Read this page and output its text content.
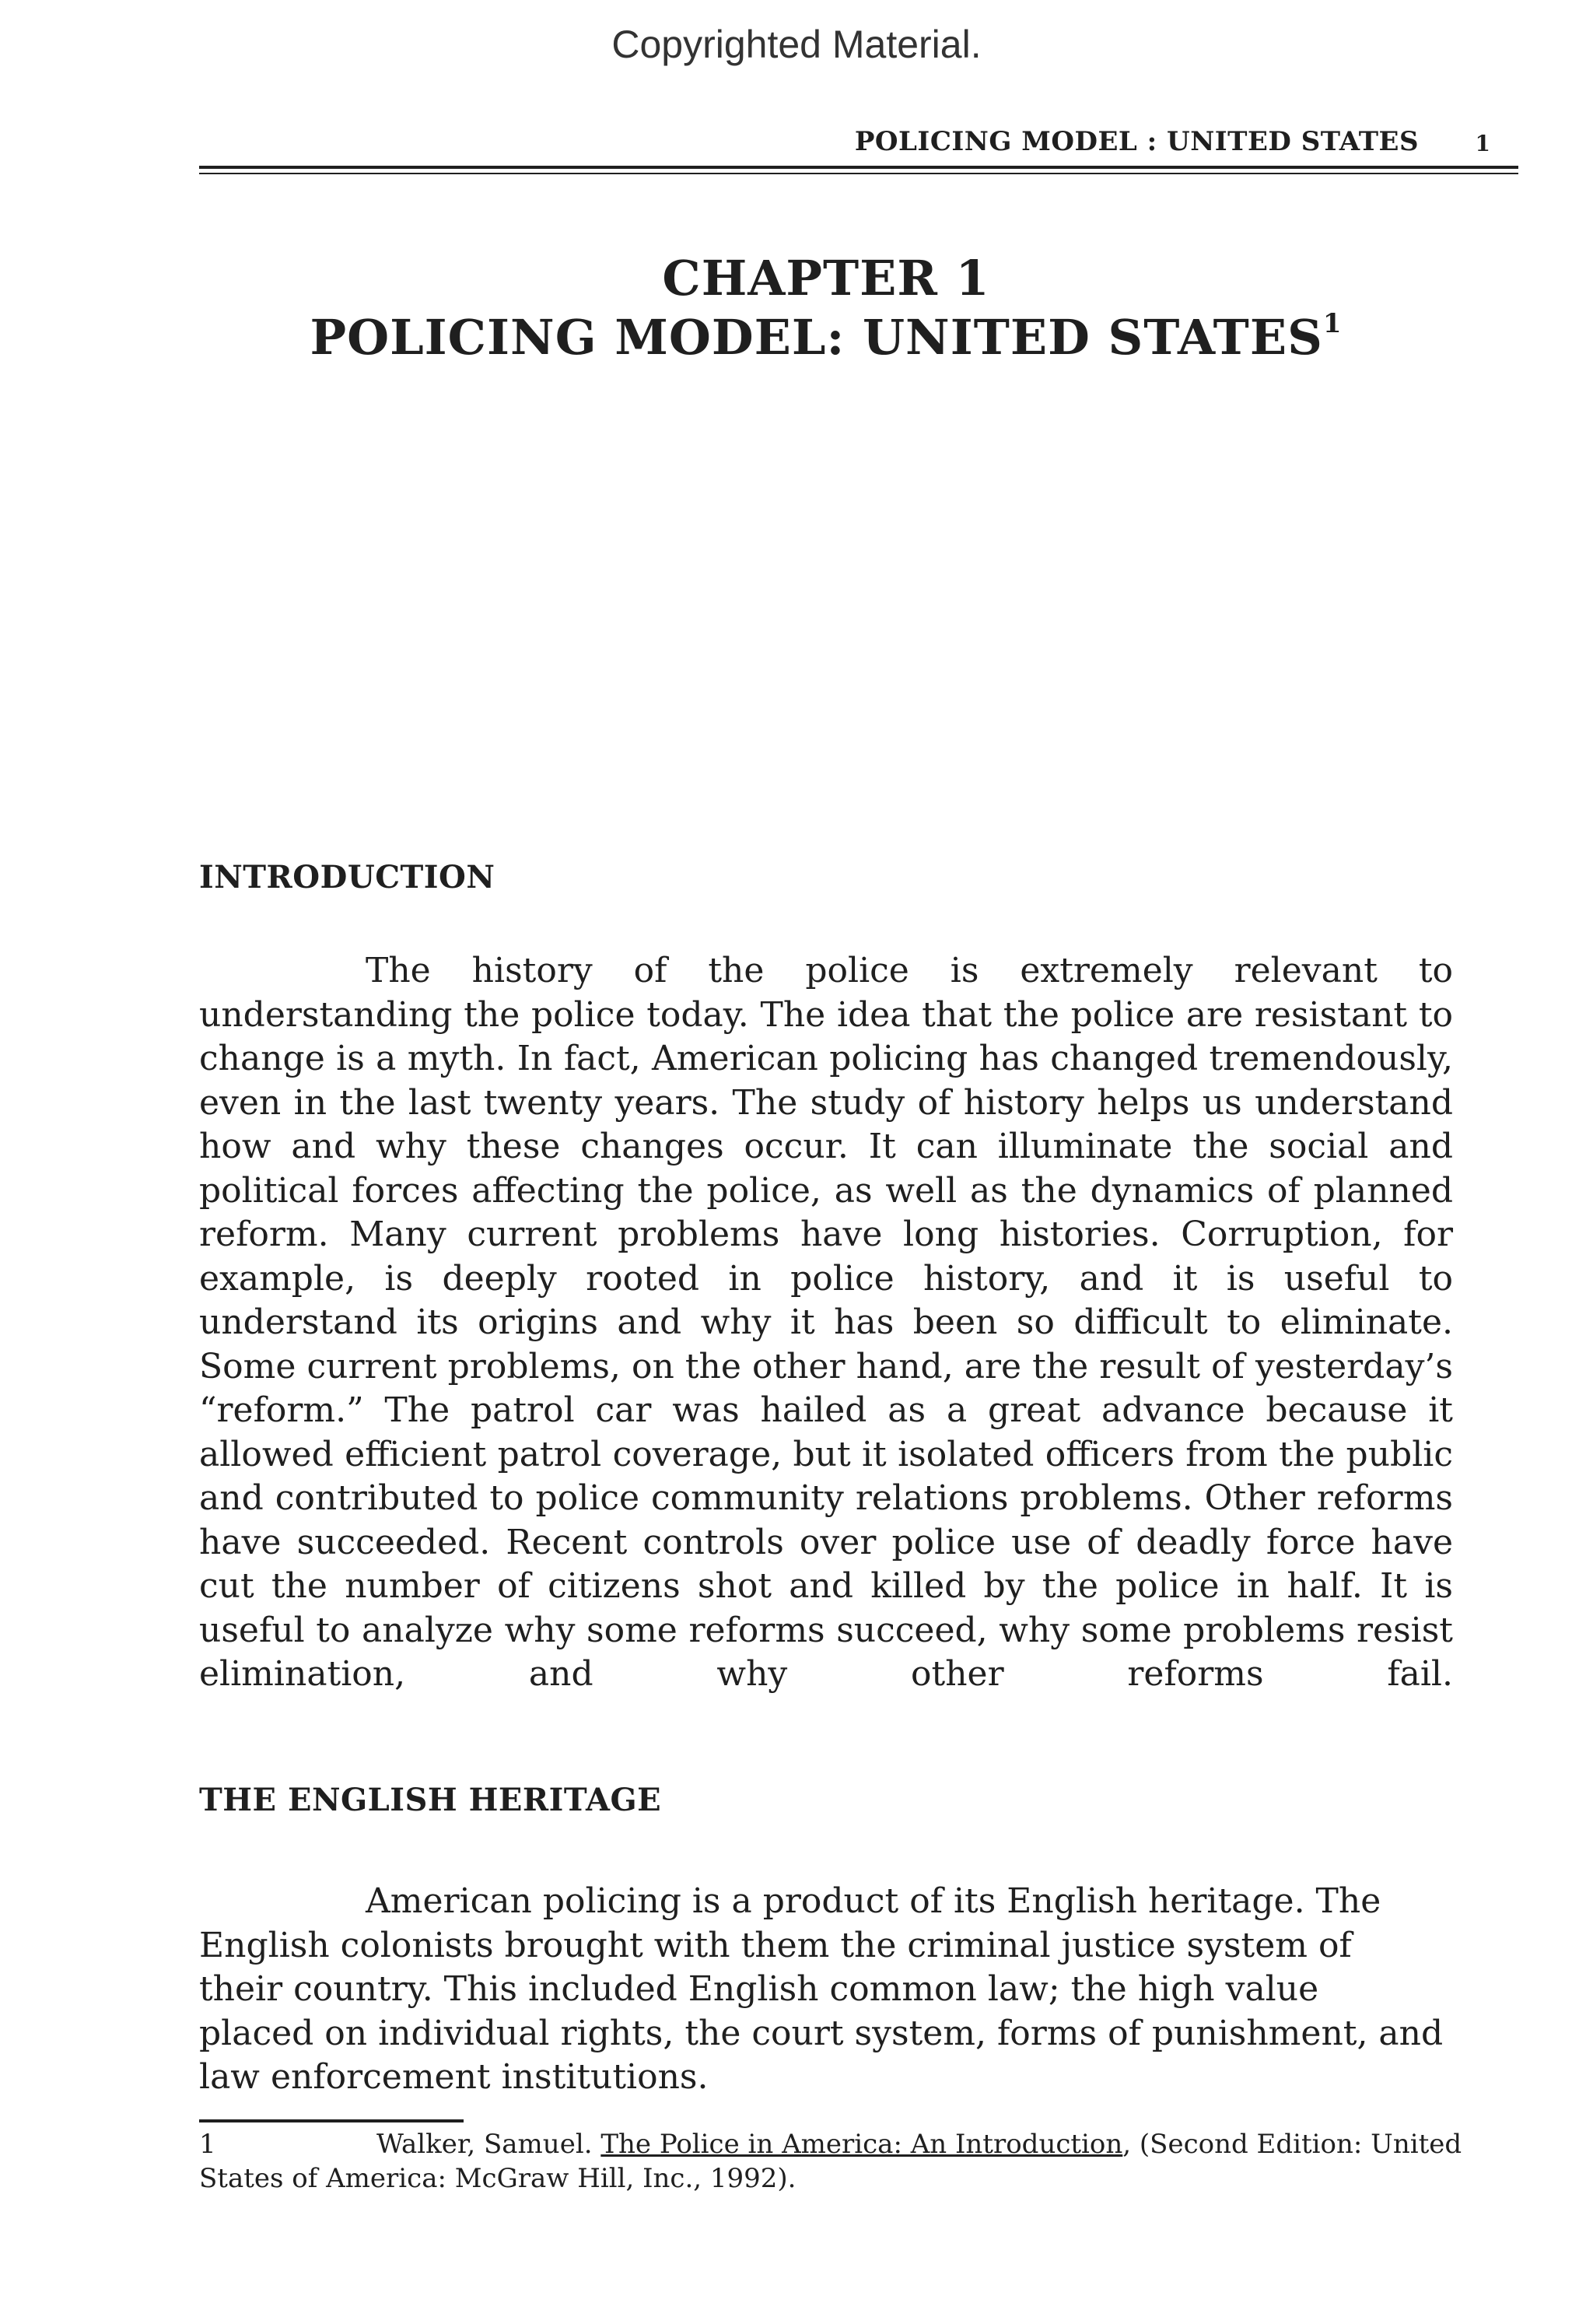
Copyrighted Material.
POLICING MODEL : UNITED STATES	1
CHAPTER 1
POLICING MODEL: UNITED STATES$^1$
INTRODUCTION

The history of the police is extremely relevant to understanding the police today. The idea that the police are resistant to change is a myth. In fact, American policing has changed tremendously, even in the last twenty years. The study of history helps us understand how and why these changes occur. It can illuminate the social and political forces affecting the police, as well as the dynamics of planned reform. Many current problems have long histories. Corruption, for example, is deeply rooted in police history, and it is useful to understand its origins and why it has been so difficult to eliminate. Some current problems, on the other hand, are the result of yesterday’s “reform.” The patrol car was hailed as a great advance because it allowed efficient patrol coverage, but it isolated officers from the public and contributed to police community relations problems. Other reforms have succeeded. Recent controls over police use of deadly force have cut the number of citizens shot and killed by the police in half. It is useful to analyze why some reforms succeed, why some problems resist elimination, and why other reforms fail.

THE ENGLISH HERITAGE

American policing is a product of its English heritage. The English colonists brought with them the criminal justice system of their country. This included English common law; the high value placed on individual rights, the court system, forms of punishment, and law enforcement institutions.

1	Walker, Samuel. The Police in America: An Introduction, (Second Edition: United States of America: McGraw Hill, Inc., 1992).
